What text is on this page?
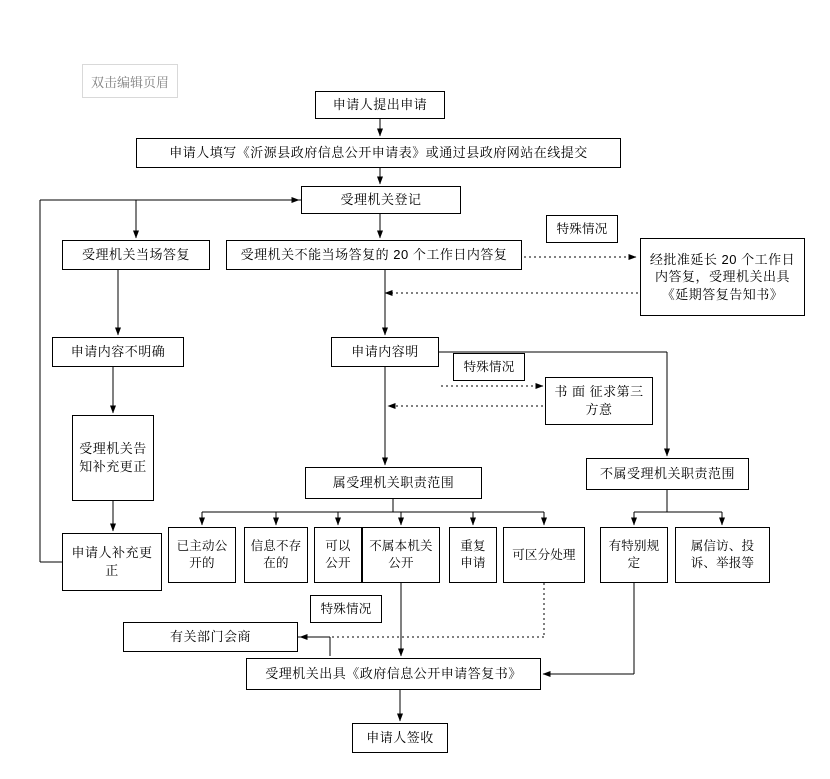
双击编辑页眉
申请人提出申请
申请人填写《沂源县政府信息公开申请表》或通过县政府网站在线提交
受理机关登记
受理机关当场答复	受理机关不能当场答复的 20 个工作日内答复
特殊情况
经批准延长 20 个工作日内答复，受理机关出具《延期答复告知书》
申请内容不明确	申请内容明
特殊情况
书 面 征求第三方意
受理机关告知补充更正
申请人补充更正
属受理机关职责范围
不属受理机关职责范围
已主动公开的
信息不存在的
可以公开
不属本机关公开
重复申请
可区分处理
有特别规定
属信访、投诉、举报等
特殊情况
有关部门会商
受理机关出具《政府信息公开申请答复书》
申请人签收
